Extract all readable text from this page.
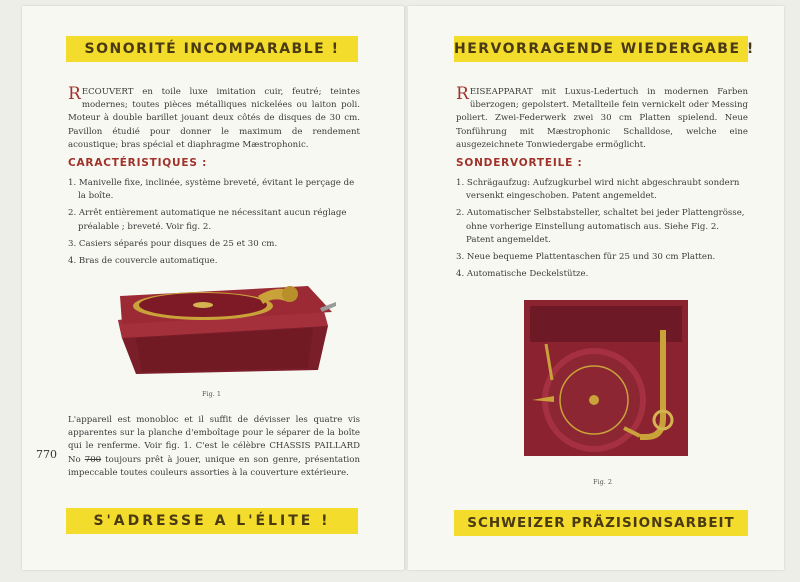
SONORITÉ INCOMPARABLE !
RECOUVERT en toile luxe imitation cuir, feutré; teintes modernes; toutes pièces métalliques nickelées ou laiton poli. Moteur à double barillet jouant deux côtés de disques de 30 cm. Pavillon étudié pour donner le maximum de rendement acoustique; bras spécial et diaphragme Mæstrophonic.
CARACTÉRISTIQUES :
1. Manivelle fixe, inclinée, système breveté, évitant le perçage de la boîte.
2. Arrêt entièrement automatique ne nécessitant aucun réglage préalable ; breveté. Voir fig. 2.
3. Casiers séparés pour disques de 25 et 30 cm.
4. Bras de couvercle automatique.
Fig. 1
L'appareil est monobloc et il suffit de dévisser les quatre vis apparentes sur la planche d'emboîtage pour le séparer de la boîte qui le renferme. Voir fig. 1. C'est le célèbre CHASSIS PAILLARD No 700 toujours prêt à jouer, unique en son genre, présentation impeccable toutes couleurs assorties à la couverture extérieure.
770
S'ADRESSE A L'ÉLITE !
HERVORRAGENDE WIEDERGABE !
REISEAPPARAT mit Luxus-Ledertuch in modernen Farben überzogen; gepolstert. Metallteile fein vernickelt oder Messing poliert. Zwei-Federwerk zwei 30 cm Platten spielend. Neue Tonführung mit Mæstrophonic Schalldose, welche eine ausgezeichnete Tonwiedergabe ermöglicht.
SONDERVORTEILE :
1. Schrägaufzug: Aufzugkurbel wird nicht abgeschraubt sondern versenkt eingeschoben. Patent angemeldet.
2. Automatischer Selbstabsteller, schaltet bei jeder Plattengrösse, ohne vorherige Einstellung automatisch aus. Siehe Fig. 2. Patent angemeldet.
3. Neue bequeme Plattentaschen für 25 und 30 cm Platten.
4. Automatische Deckelstütze.
Fig. 2
SCHWEIZER PRÄZISIONSARBEIT
